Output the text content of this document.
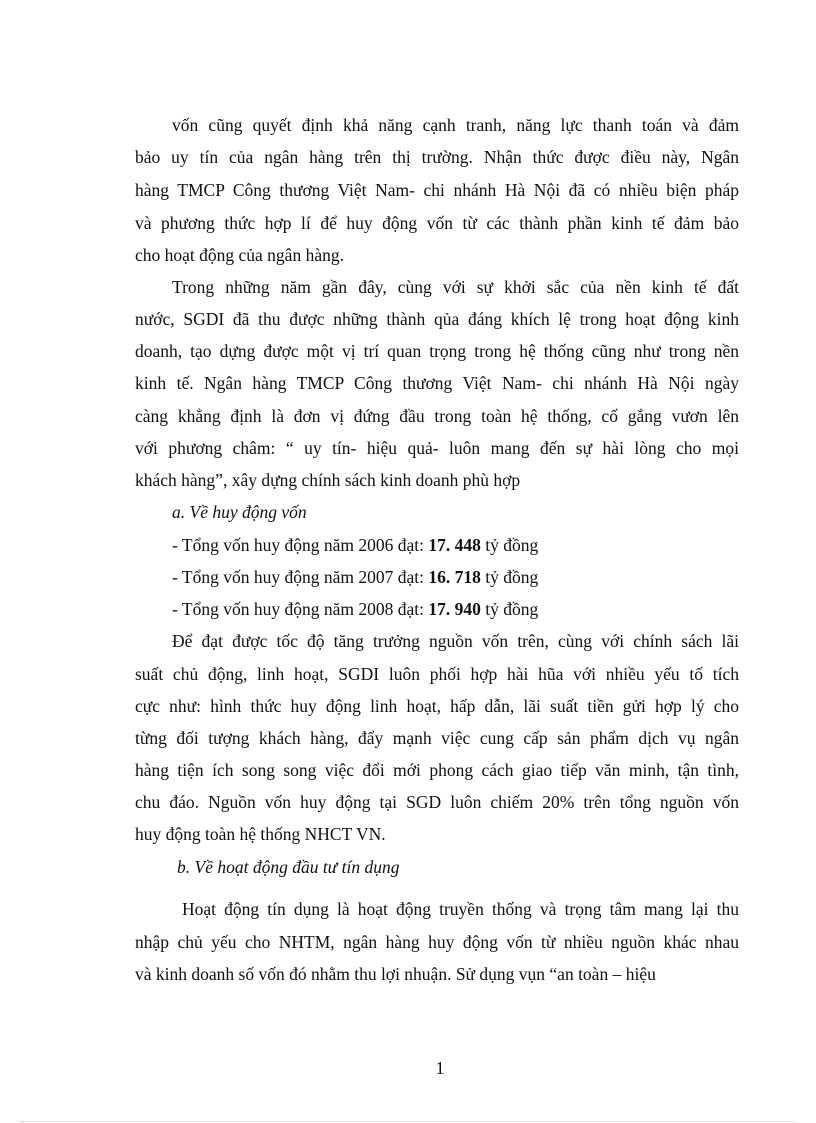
vốn cũng quyết định khả năng cạnh tranh, năng lực thanh toán và đảm
bảo uy tín của ngân hàng trên thị trường. Nhận thức được điều này, Ngân
hàng TMCP Công thương Việt Nam- chi nhánh Hà Nội đã có nhiều biện pháp
và phương thức hợp lí để huy động vốn từ các thành phần kinh tế đảm bảo
cho hoạt động của ngân hàng.
Trong những năm gần đây, cùng với sự khởi sắc của nền kinh tế đất
nước, SGDI đã thu được những thành qủa đáng khích lệ trong hoạt động kinh
doanh, tạo dựng được một vị trí quan trọng trong hệ thống cũng như trong nền
kinh tế. Ngân hàng TMCP Công thương Việt Nam- chi nhánh Hà Nội ngày
càng khẳng định là đơn vị đứng đầu trong toàn hệ thống, cố gắng vươn lên
với phương châm: “ uy tín- hiệu quả- luôn mang đến sự hài lòng cho mọi
khách hàng”, xây dựng chính sách kinh doanh phù hợp
a. Về huy động vốn
- Tổng vốn huy động năm 2006 đạt: 17. 448 tỷ đồng
- Tổng vốn huy động năm 2007 đạt: 16. 718 tỷ đồng
- Tổng vốn huy động năm 2008 đạt: 17. 940 tỷ đồng
Để đạt được tốc độ tăng trưởng nguồn vốn trên, cùng với chính sách lãi
suất chủ động, linh hoạt, SGDI luôn phối hợp hài hũa với nhiều yếu tố tích
cực như: hình thức huy động linh hoạt, hấp dẫn, lãi suất tiền gửi hợp lý cho
từng đối tượng khách hàng, đẩy mạnh việc cung cấp sản phẩm dịch vụ ngân
hàng tiện ích song song việc đổi mới phong cách giao tiếp văn minh, tận tình,
chu đáo. Nguồn vốn huy động tại SGD luôn chiếm 20% trên tổng nguồn vốn
huy động toàn hệ thống NHCT VN.
b. Về hoạt động đầu tư tín dụng
Hoạt động tín dụng là hoạt động truyền thống và trọng tâm mang lại thu
nhập chủ yếu cho NHTM, ngân hàng huy động vốn từ nhiều nguồn khác nhau
và kinh doanh số vốn đó nhằm thu lợi nhuận. Sử dụng vụn “an toàn – hiệu
1
